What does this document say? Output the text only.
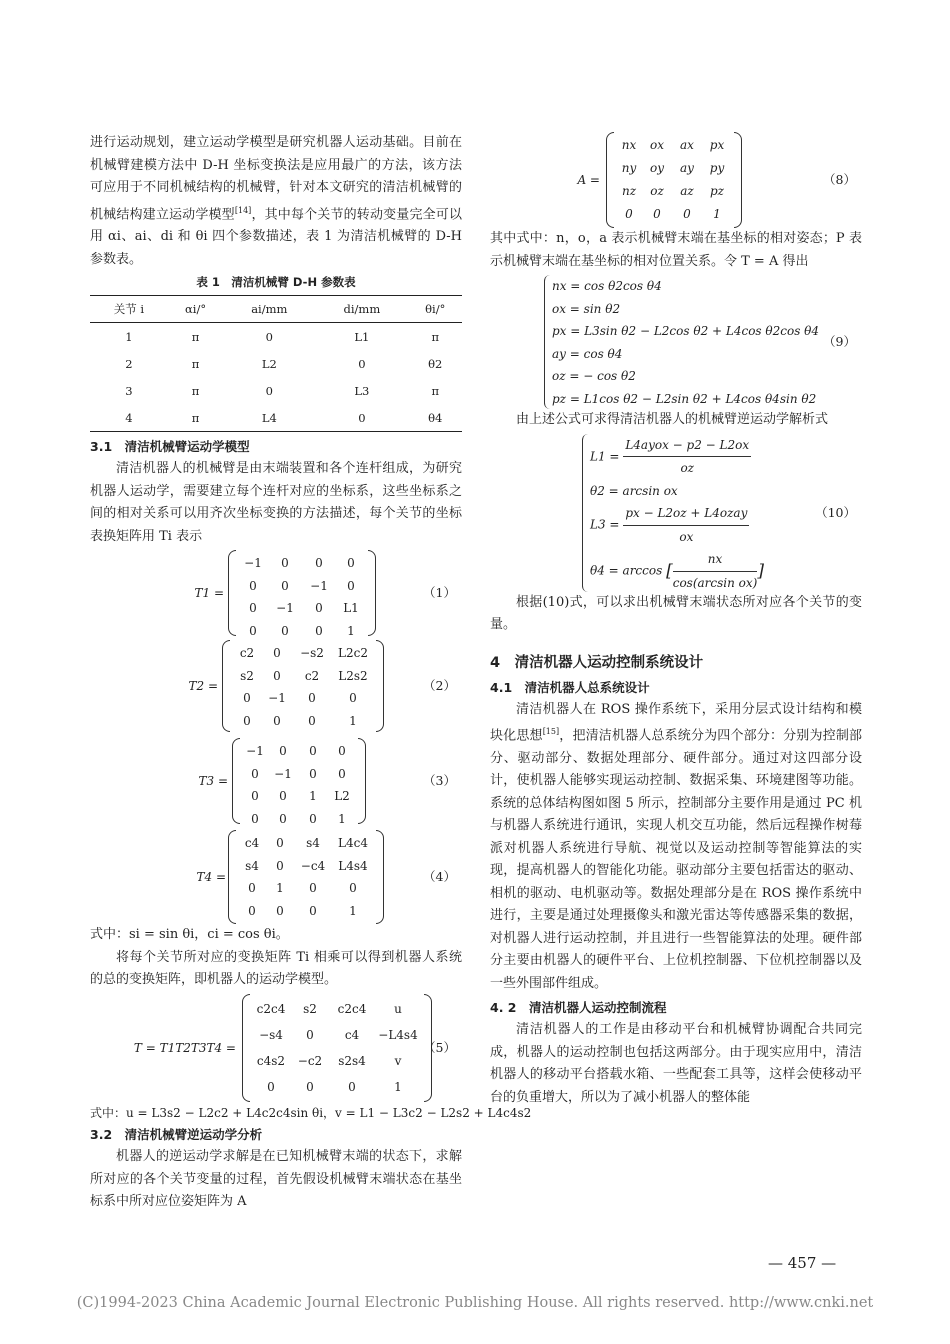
进行运动规划，建立运动学模型是研究机器人运动基础。目前在机械臂建模方法中 D-H 坐标变换法是应用最广的方法，该方法可应用于不同机械结构的机械臂，针对本文研究的清洁机械臂的机械结构建立运动学模型[14]，其中每个关节的转动变量完全可以用 αi、ai、di 和 θi 四个参数描述，表 1 为清洁机械臂的 D-H 参数表。

表 1　清洁机械臂 D-H 参数表
关节 i	αi/°	ai/mm	di/mm	θi/°
1	π	0	L1	π
2	π	L2	0	θ2
3	π	0	L3	π
4	π	L4	0	θ4
3.1　清洁机械臂运动学模型

清洁机器人的机械臂是由末端装置和各个连杆组成，为研究机器人运动学，需要建立每个连杆对应的坐标系，这些坐标系之间的相对关系可以用齐次坐标变换的方法描述，每个关节的坐标表换矩阵用 Ti 表示

T1 =
−1	0	0	0
0	0	−1	0
0	−1	0	L1
0	0	0	1
（1）
T2 =
c2	0	−s2	L2c2
s2	0	c2	L2s2
0	−1	0	0
0	0	0	1
（2）
T3 =
−1	0	0	0
0	−1	0	0
0	0	1	L2
0	0	0	1
（3）
T4 =
c4	0	s4	L4c4
s4	0	−c4	L4s4
0	1	0	0
0	0	0	1
（4）

式中：si = sin θi，ci = cos θi。

将每个关节所对应的变换矩阵 Ti 相乘可以得到机器人系统的总的变换矩阵，即机器人的运动学模型。

T = T1T2T3T4 =
c2c4	s2	c2c4	u
−s4	0	c4	−L4s4
c4s2	−c2	s2s4	v
0	0	0	1
（5）

式中：u = L3s2 − L2c2 + L4c2c4sin θi，v = L1 − L3c2 − L2s2 + L4c4s2

3.2　清洁机械臂逆运动学分析

机器人的逆运动学求解是在已知机械臂末端的状态下，求解所对应的各个关节变量的过程，首先假设机械臂末端状态在基坐标系中所对应位姿矩阵为 A

A =
nx	ox	ax	px
ny	oy	ay	py
nz	oz	az	pz
0	0	0	1
（8）

其中式中：n，o，a 表示机械臂末端在基坐标的相对姿态；P 表示机械臂末端在基坐标的相对位置关系。令 T = A 得出

nx = cos θ2cos θ4
ox = sin θ2
px = L3sin θ2 − L2cos θ2 + L4cos θ2cos θ4
ay = cos θ4
oz = − cos θ2
pz = L1cos θ2 − L2sin θ2 + L4cos θ4sin θ2
（9）

由上述公式可求得清洁机器人的机械臂逆运动学解析式

$L1 = \frac{\text{L4ayox − p2 − L2ox}}{oz}$
θ2 = arcsin ox
$L3 = \frac{\text{px − L2oz + L4ozay}}{ox}$
θ4 = arccos [ $\frac{nx}{\text{cos(arcsin ox)}}$ ]
（10）

根据(10)式，可以求出机械臂末端状态所对应各个关节的变量。

4　清洁机器人运动控制系统设计
4.1　清洁机器人总系统设计

清洁机器人在 ROS 操作系统下，采用分层式设计结构和模块化思想[15]，把清洁机器人总系统分为四个部分：分别为控制部分、驱动部分、数据处理部分、硬件部分。通过对这四部分设计，使机器人能够实现运动控制、数据采集、环境建图等功能。系统的总体结构图如图 5 所示，控制部分主要作用是通过 PC 机与机器人系统进行通讯，实现人机交互功能，然后远程操作树莓派对机器人系统进行导航、视觉以及运动控制等智能算法的实现，提高机器人的智能化功能。驱动部分主要包括雷达的驱动、相机的驱动、电机驱动等。数据处理部分是在 ROS 操作系统中进行，主要是通过处理摄像头和激光雷达等传感器采集的数据，对机器人进行运动控制，并且进行一些智能算法的处理。硬件部分主要由机器人的硬件平台、上位机控制器、下位机控制器以及一些外围部件组成。

4. 2　清洁机器人运动控制流程

清洁机器人的工作是由移动平台和机械臂协调配合共同完成，机器人的运动控制也包括这两部分。由于现实应用中，清洁机器人的移动平台搭载水箱、一些配套工具等，这样会使移动平台的负重增大，所以为了减小机器人的整体能

— 457 —
(C)1994-2023 China Academic Journal Electronic Publishing House. All rights reserved. http://www.cnki.net
